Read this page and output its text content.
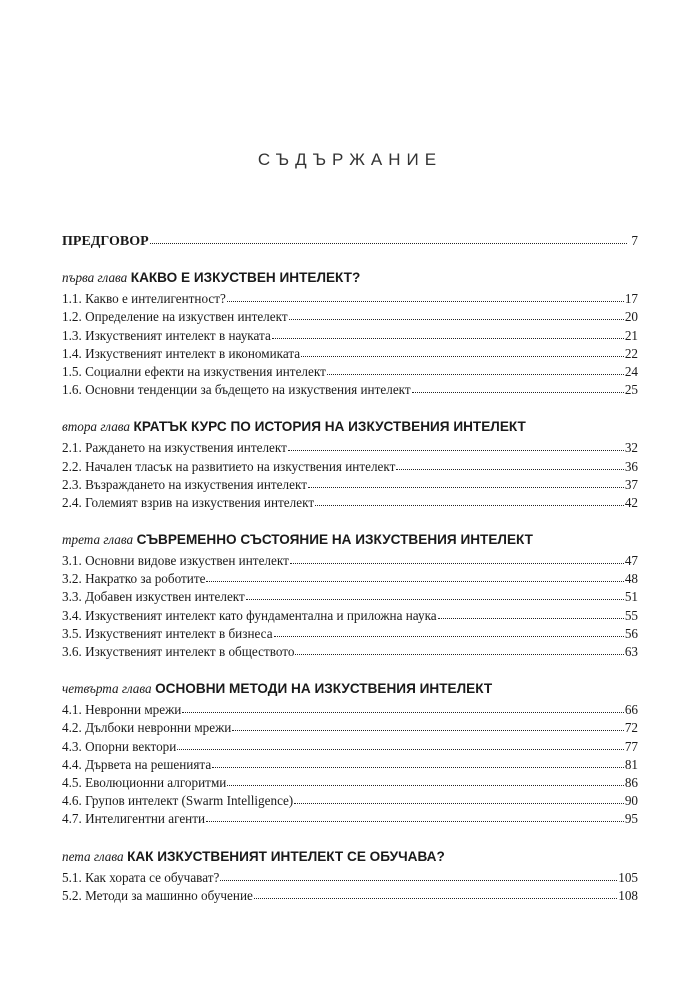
СЪДЪРЖАНИЕ
ПРЕДГОВОР	7
първа глава КАКВО Е ИЗКУСТВЕН ИНТЕЛЕКТ?
1.1. Какво е интелигентност?	17
1.2. Определение на изкуствен интелект	20
1.3. Изкуственият интелект в науката	21
1.4. Изкуственият интелект в икономиката	22
1.5. Социални ефекти на изкуствения интелект	24
1.6. Основни тенденции за бъдещето на изкуствения интелект	25
втора глава КРАТЪК КУРС ПО ИСТОРИЯ НА ИЗКУСТВЕНИЯ ИНТЕЛЕКТ
2.1. Раждането на изкуствения интелект	32
2.2. Начален тласък на развитието на изкуствения интелект	36
2.3. Възраждането на изкуствения интелект	37
2.4. Големият взрив на изкуствения интелект	42
трета глава СЪВРЕМЕННО СЪСТОЯНИЕ НА ИЗКУСТВЕНИЯ ИНТЕЛЕКТ
3.1. Основни видове изкуствен интелект	47
3.2. Накратко за роботите	48
3.3. Добавен изкуствен интелект	51
3.4. Изкуственият интелект като фундаментална и приложна наука	55
3.5. Изкуственият интелект в бизнеса	56
3.6. Изкуственият интелект в обществото	63
четвърта глава ОСНОВНИ МЕТОДИ НА ИЗКУСТВЕНИЯ ИНТЕЛЕКТ
4.1. Невронни мрежи	66
4.2. Дълбоки невронни мрежи	72
4.3. Опорни вектори	77
4.4. Дървета на решенията	81
4.5. Еволюционни алгоритми	86
4.6. Групов интелект (Swarm Intelligence)	90
4.7. Интелигентни агенти	95
пета глава КАК ИЗКУСТВЕНИЯТ ИНТЕЛЕКТ СЕ ОБУЧАВА?
5.1. Как хората се обучават?	105
5.2. Методи за машинно обучение	108
